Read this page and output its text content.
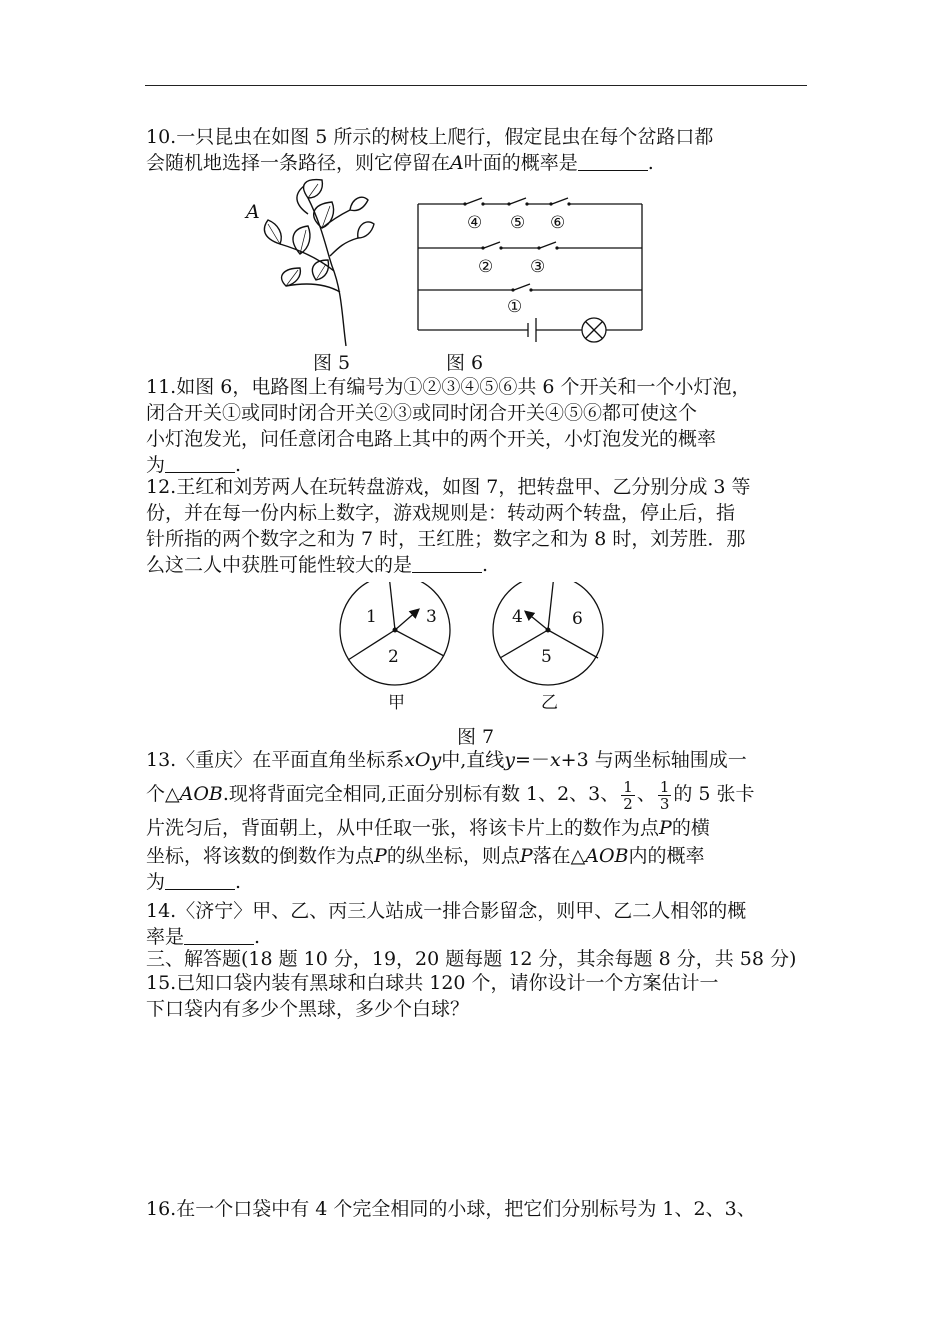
10.一只昆虫在如图 5 所示的树枝上爬行，假定昆虫在每个岔路口都
会随机地选择一条路径，则它停留在A叶面的概率是	.
A
图 5
④ ⑤ ⑥
② ③
①
图 6
11.如图 6，电路图上有编号为①②③④⑤⑥共 6 个开关和一个小灯泡，
闭合开关①或同时闭合开关②③或同时闭合开关④⑤⑥都可使这个
小灯泡发光，问任意闭合电路上其中的两个开关，小灯泡发光的概率
为	.
12.王红和刘芳两人在玩转盘游戏，如图 7，把转盘甲、乙分别分成 3 等
份，并在每一份内标上数字，游戏规则是：转动两个转盘，停止后，指
针所指的两个数字之和为 7 时，王红胜；数字之和为 8 时，刘芳胜．那
么这二人中获胜可能性较大的是	.
1	3
2
甲
4	6
5
乙
图 7
13.〈重庆〉在平面直角坐标系xOy中,直线y=－x+3 与两坐标轴围成一
个△AOB.现将背面完全相同,正面分别标有数 1、2、3、 $\frac{1}{2}$ 、 $\frac{1}{3}$ 的 5 张卡
片洗匀后，背面朝上，从中任取一张，将该卡片上的数作为点P的横
坐标，将该数的倒数作为点P的纵坐标，则点P落在△AOB内的概率
为	.
14.〈济宁〉甲、乙、丙三人站成一排合影留念，则甲、乙二人相邻的概
率是	.
三、解答题(18 题 10 分，19，20 题每题 12 分，其余每题 8 分，共 58 分)
15.已知口袋内装有黑球和白球共 120 个，请你设计一个方案估计一
下口袋内有多少个黑球，多少个白球？
16.在一个口袋中有 4 个完全相同的小球，把它们分别标号为 1、2、3、
